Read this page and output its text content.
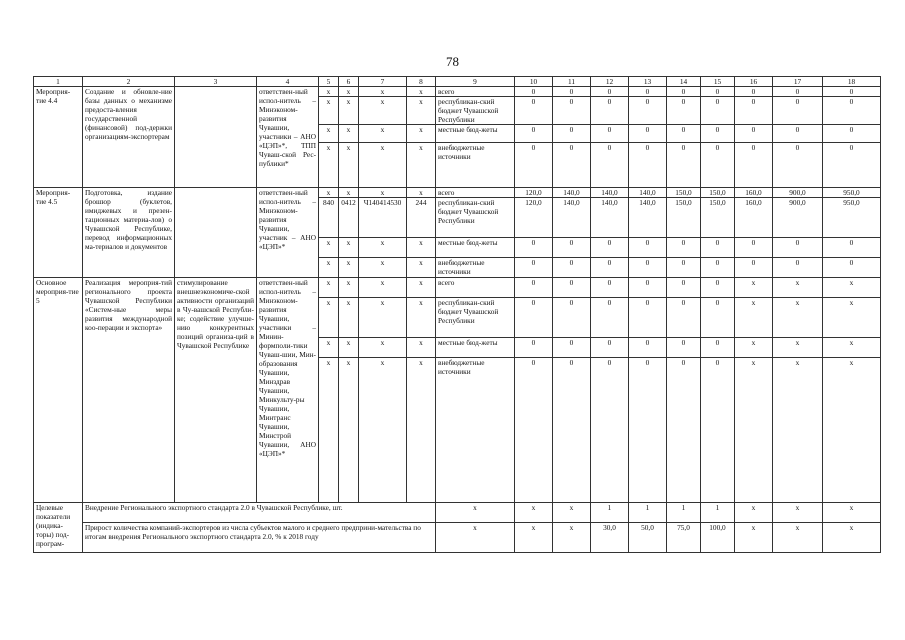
78
1	2	3	4	5	6	7	8	9	10	11	12	13	14	15	16	17	18
Мероприя-тие 4.4	Создание и обновле-ние базы данных о механизме предоста-вления государственной (финансовой) под-держки организациям-экспортерам		ответствен-ный испол-нитель – Минэконом-развития Чувашии, участники – АНО «ЦЭП»*, ТПП Чуваш-ской Рес-публики*	x	x	x	x	всего	0	0	0	0	0	0	0	0	0
				x	x	x	x	республикан-ский бюджет Чувашской Республики	0	0	0	0	0	0	0	0	0
				x	x	x	x	местные бюд-жеты	0	0	0	0	0	0	0	0	0
				x	x	x	x	внебюджетные источники	0	0	0	0	0	0	0	0	0
Мероприя-тие 4.5	Подготовка, издание брошюр (буклетов, имиджевых и презен-тационных материа-лов) о Чувашской Республике, перевод информационных ма-териалов и документов		ответствен-ный испол-нитель – Минэконом-развития Чувашии, участник – АНО «ЦЭП»*	x	x	x	x	всего	120,0	140,0	140,0	140,0	150,0	150,0	160,0	900,0	950,0
				840	0412	Ч140414530	244	республикан-ский бюджет Чувашской Республики	120,0	140,0	140,0	140,0	150,0	150,0	160,0	900,0	950,0
				x	x	x	x	местные бюд-жеты	0	0	0	0	0	0	0	0	0
				x	x	x	x	внебюджетные источники	0	0	0	0	0	0	0	0	0
Основное мероприя-тие 5	Реализация мероприя-тий регионального проекта Чувашской Республики «Систем-ные меры развития международной коо-перации и экспорта»	стимулирование внешнеэкономиче-ской активности организаций в Чу-вашской Республи-ке; содействие улучше-нию конкурентных позиций организа-ций в Чувашской Республике	ответствен-ный испол-нитель – Минэконом-развития Чувашии, участники – Минин-формполи-тики Чуваш-шии, Мин-образования Чувашии, Минздрав Чувашии, Минкульту-ры Чувашии, Минтранс Чувашии, Минстрой Чувашии, АНО «ЦЭП»*	x	x	x	x	всего	0	0	0	0	0	0	x	x	x
				x	x	x	x	республикан-ский бюджет Чувашской Республики	0	0	0	0	0	0	x	x	x
				x	x	x	x	местные бюд-жеты	0	0	0	0	0	0	x	x	x
				x	x	x	x	внебюджетные источники	0	0	0	0	0	0	x	x	x
Целевые показатели (индика-торы) под-програм-	Внедрение Регионального экспортного стандарта 2.0 в Чувашской Республике, шт.							x	x	x	1	1	1	1	x	x	x
	Прирост количества компаний-экспортеров из числа субъектов малого и среднего предприни-мательства по итогам внедрения Регионального экспортного стандарта 2.0, % к 2018 году							x	x	x	30,0	50,0	75,0	100,0	x	x	x
